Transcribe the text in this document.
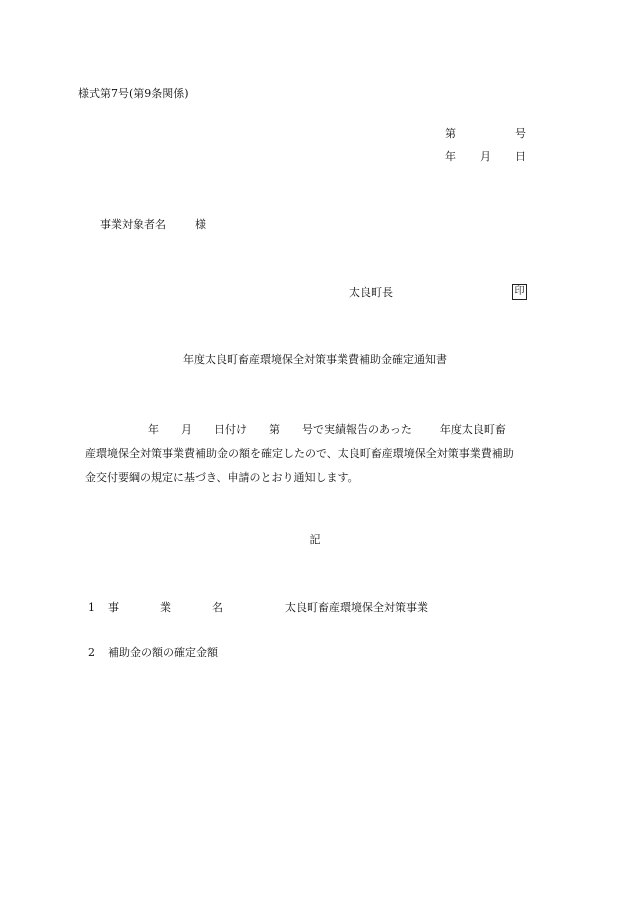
様式第7号(第9条関係)
第	号
年 月 日
事業対象者名	様
太良町長	印
年度太良町畜産環境保全対策事業費補助金確定通知書
年 月 日付け 第 号で実績報告のあった	年度太良町畜
産環境保全対策事業費補助金の額を確定したので、太良町畜産環境保全対策事業費補助
金交付要綱の規定に基づき、申請のとおり通知します。
記
1 事	業	名	太良町畜産環境保全対策事業
2 補助金の額の確定金額
